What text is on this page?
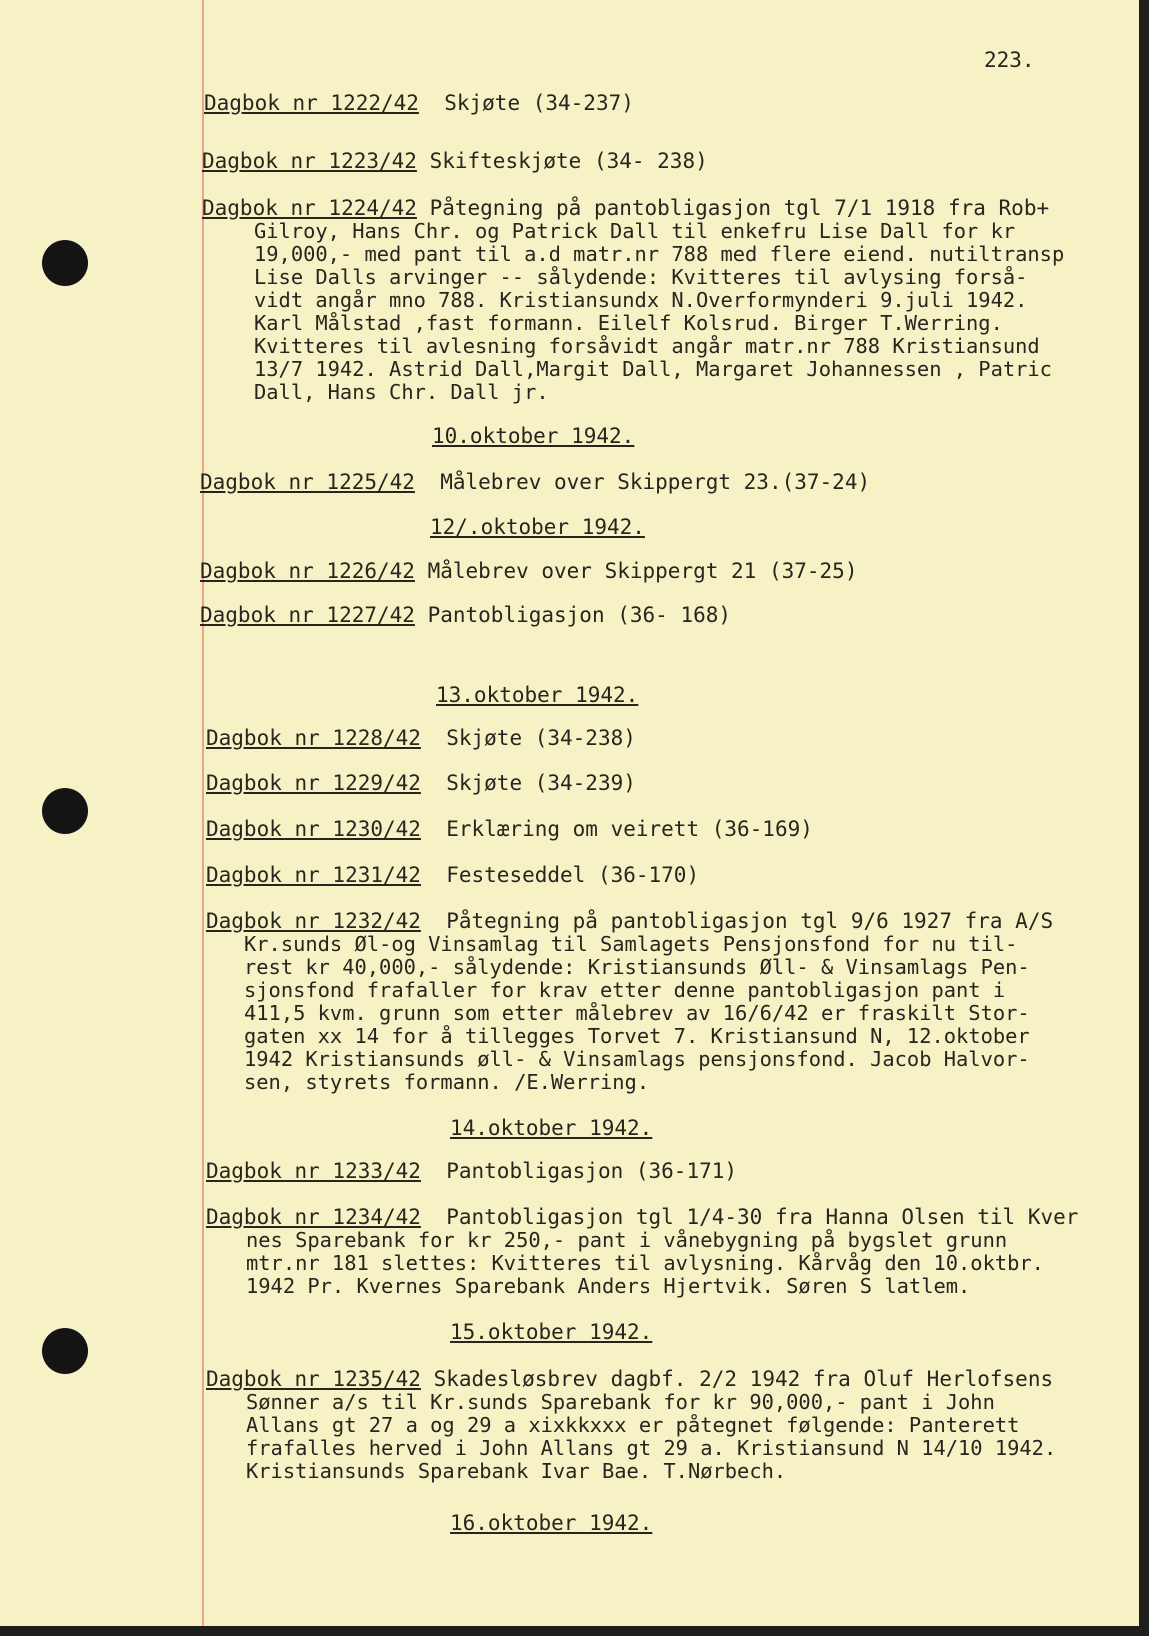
223.
Dagbok nr 1222/42 Skjøte (34-237)
Dagbok nr 1223/42 Skifteskjøte (34- 238)
Dagbok nr 1224/42 Påtegning på pantobligasjon tgl 7/1 1918 fra Rob+
Gilroy, Hans Chr. og Patrick Dall til enkefru Lise Dall for kr
19,000,- med pant til a.d matr.nr 788 med flere eiend. nutiltransp
Lise Dalls arvinger -- sålydende: Kvitteres til avlysing forså-
vidt angår mno 788. Kristiansundx N.Overformynderi 9.juli 1942.
Karl Målstad ,fast formann. Eilelf Kolsrud. Birger T.Werring.
Kvitteres til avlesning forsåvidt angår matr.nr 788 Kristiansund
13/7 1942. Astrid Dall,Margit Dall, Margaret Johannessen , Patric
Dall, Hans Chr. Dall jr.
10.oktober 1942.
Dagbok nr 1225/42 Målebrev over Skippergt 23.(37-24)
12/.oktober 1942.
Dagbok nr 1226/42 Målebrev over Skippergt 21 (37-25)
Dagbok nr 1227/42 Pantobligasjon (36- 168)
13.oktober 1942.
Dagbok nr 1228/42 Skjøte (34-238)
Dagbok nr 1229/42 Skjøte (34-239)
Dagbok nr 1230/42 Erklæring om veirett (36-169)
Dagbok nr 1231/42 Festeseddel (36-170)
Dagbok nr 1232/42 Påtegning på pantobligasjon tgl 9/6 1927 fra A/S
Kr.sunds Øl-og Vinsamlag til Samlagets Pensjonsfond for nu til-
rest kr 40,000,- sålydende: Kristiansunds Øll- & Vinsamlags Pen-
sjonsfond frafaller for krav etter denne pantobligasjon pant i
411,5 kvm. grunn som etter målebrev av 16/6/42 er fraskilt Stor-
gaten xx 14 for å tillegges Torvet 7. Kristiansund N, 12.oktober
1942 Kristiansunds øll- & Vinsamlags pensjonsfond. Jacob Halvor-
sen, styrets formann. /E.Werring.
14.oktober 1942.
Dagbok nr 1233/42 Pantobligasjon (36-171)
Dagbok nr 1234/42 Pantobligasjon tgl 1/4-30 fra Hanna Olsen til Kver
nes Sparebank for kr 250,- pant i vånebygning på bygslet grunn
mtr.nr 181 slettes: Kvitteres til avlysning. Kårvåg den 10.oktbr.
1942 Pr. Kvernes Sparebank Anders Hjertvik. Søren S latlem.
15.oktober 1942.
Dagbok nr 1235/42 Skadesløsbrev dagbf. 2/2 1942 fra Oluf Herlofsens
Sønner a/s til Kr.sunds Sparebank for kr 90,000,- pant i John
Allans gt 27 a og 29 a xixkkxxx er påtegnet følgende: Panterett
frafalles herved i John Allans gt 29 a. Kristiansund N 14/10 1942.
Kristiansunds Sparebank Ivar Bae. T.Nørbech.
16.oktober 1942.
